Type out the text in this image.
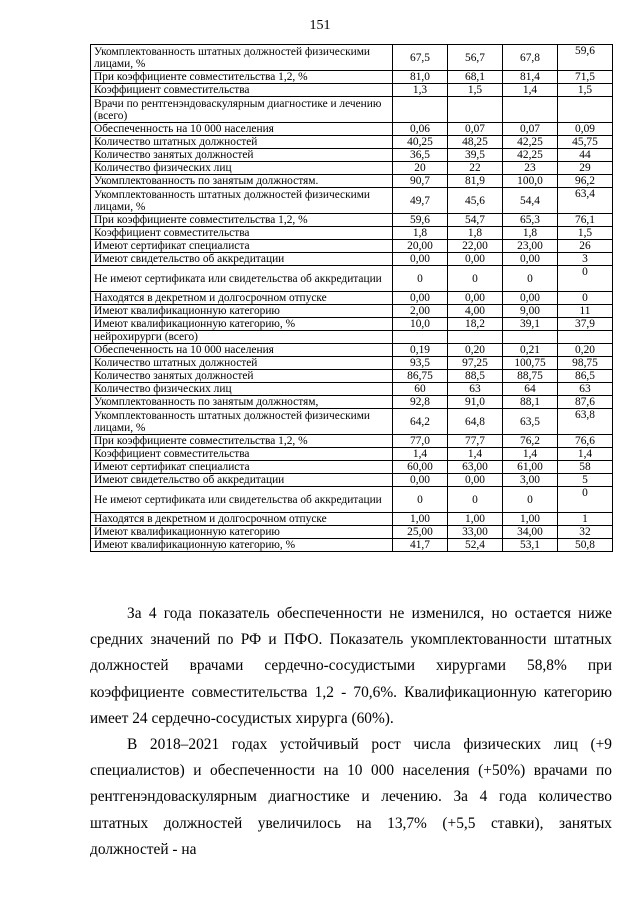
151
Укомплектованность штатных должностей физическими лицами, %	67,5	56,7	67,8	59,6
При коэффициенте совместительства 1,2, %	81,0	68,1	81,4	71,5
Коэффициент совместительства	1,3	1,5	1,4	1,5
Врачи по рентгенэндоваскулярным диагностике и лечению (всего)				
Обеспеченность на 10 000 населения	0,06	0,07	0,07	0,09
Количество штатных должностей	40,25	48,25	42,25	45,75
Количество занятых должностей	36,5	39,5	42,25	44
Количество физических лиц	20	22	23	29
Укомплектованность по занятым должностям.	90,7	81,9	100,0	96,2
Укомплектованность штатных должностей физическими лицами, %	49,7	45,6	54,4	63,4
При коэффициенте совместительства 1,2, %	59,6	54,7	65,3	76,1
Коэффициент совместительства	1,8	1,8	1,8	1,5
Имеют сертификат специалиста	20,00	22,00	23,00	26
Имеют свидетельство об аккредитации	0,00	0,00	0,00	3
Не имеют сертификата или свидетельства об аккредитации	0	0	0	0
Находятся в декретном и долгосрочном отпуске	0,00	0,00	0,00	0
Имеют квалификационную категорию	2,00	4,00	9,00	11
Имеют квалификационную категорию, %	10,0	18,2	39,1	37,9
нейрохирурги (всего)				
Обеспеченность на 10 000 населения	0,19	0,20	0,21	0,20
Количество штатных должностей	93,5	97,25	100,75	98,75
Количество занятых должностей	86,75	88,5	88,75	86,5
Количество физических лиц	60	63	64	63
Укомплектованность по занятым должностям,	92,8	91,0	88,1	87,6
Укомплектованность штатных должностей физическими лицами, %	64,2	64,8	63,5	63,8
При коэффициенте совместительства 1,2, %	77,0	77,7	76,2	76,6
Коэффициент совместительства	1,4	1,4	1,4	1,4
Имеют сертификат специалиста	60,00	63,00	61,00	58
Имеют свидетельство об аккредитации	0,00	0,00	3,00	5
Не имеют сертификата или свидетельства об аккредитации	0	0	0	0
Находятся в декретном и долгосрочном отпуске	1,00	1,00	1,00	1
Имеют квалификационную категорию	25,00	33,00	34,00	32
Имеют квалификационную категорию, %	41,7	52,4	53,1	50,8

За 4 года показатель обеспеченности не изменился, но остается ниже средних значений по РФ и ПФО. Показатель укомплектованности штатных должностей врачами сердечно-сосудистыми хирургами 58,8% при коэффициенте совместительства 1,2 - 70,6%. Квалификационную категорию имеет 24 сердечно-сосудистых хирурга (60%).

В 2018–2021 годах устойчивый рост числа физических лиц (+9 специалистов) и обеспеченности на 10 000 населения (+50%) врачами по рентгенэндоваскулярным диагностике и лечению. За 4 года количество штатных должностей увеличилось на 13,7% (+5,5 ставки), занятых должностей - на
